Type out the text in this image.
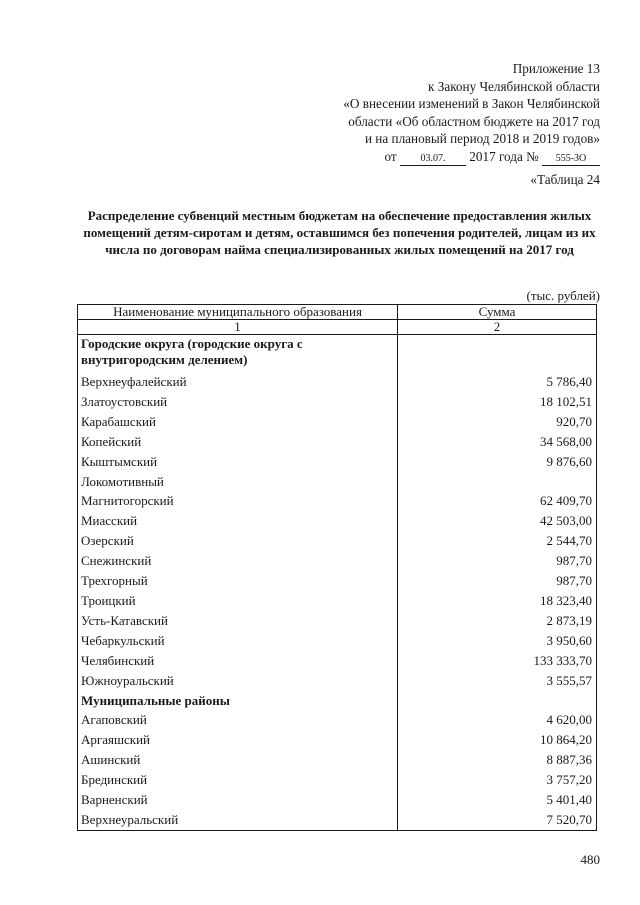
Приложение 13
к Закону Челябинской области
«О внесении изменений в Закон Челябинской
области «Об областном бюджете на 2017 год
и на плановый период 2018 и 2019 годов»
от 03.07. 2017 года № 555-ЗО
«Таблица 24
Распределение субвенций местным бюджетам на обеспечение предоставления жилых помещений детям-сиротам и детям, оставшимся без попечения родителей, лицам из их числа по договорам найма специализированных жилых помещений на 2017 год
(тыс. рублей)
Наименование муниципального образования	Сумма
1	2
Городские округа (городские округа с внутригородским делением)	
Верхнеуфалейский	5 786,40
Златоустовский	18 102,51
Карабашский	920,70
Копейский	34 568,00
Кыштымский	9 876,60
Локомотивный	
Магнитогорский	62 409,70
Миасский	42 503,00
Озерский	2 544,70
Снежинский	987,70
Трехгорный	987,70
Троицкий	18 323,40
Усть-Катавский	2 873,19
Чебаркульский	3 950,60
Челябинский	133 333,70
Южноуральский	3 555,57
Муниципальные районы	
Агаповский	4 620,00
Аргаяшский	10 864,20
Ашинский	8 887,36
Брединский	3 757,20
Варненский	5 401,40
Верхнеуральский	7 520,70
480
